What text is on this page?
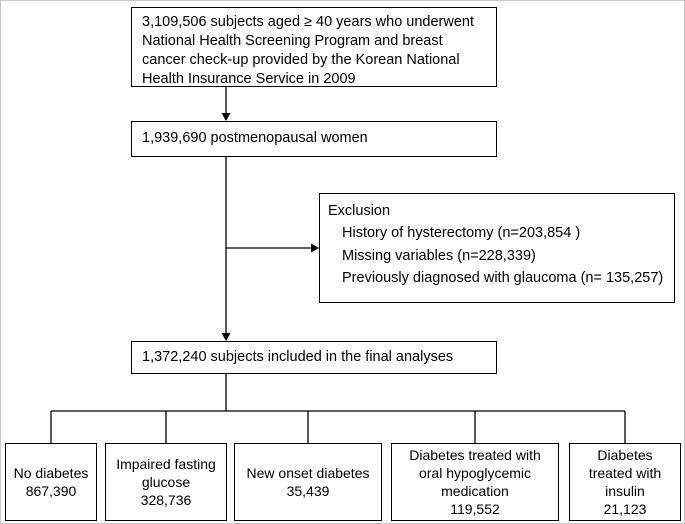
3,109,506 subjects aged ≥ 40 years who underwent National Health Screening Program and breast cancer check-up provided by the Korean National Health Insurance Service in 2009
1,939,690 postmenopausal women
Exclusion
History of hysterectomy (n=203,854 )
Missing variables (n=228,339)
Previously diagnosed with glaucoma (n= 135,257)
1,372,240 subjects included in the final analyses
No diabetes
867,390
Impaired fasting glucose
328,736
New onset diabetes
35,439
Diabetes treated with oral hypoglycemic medication
119,552
Diabetes treated with insulin
21,123
